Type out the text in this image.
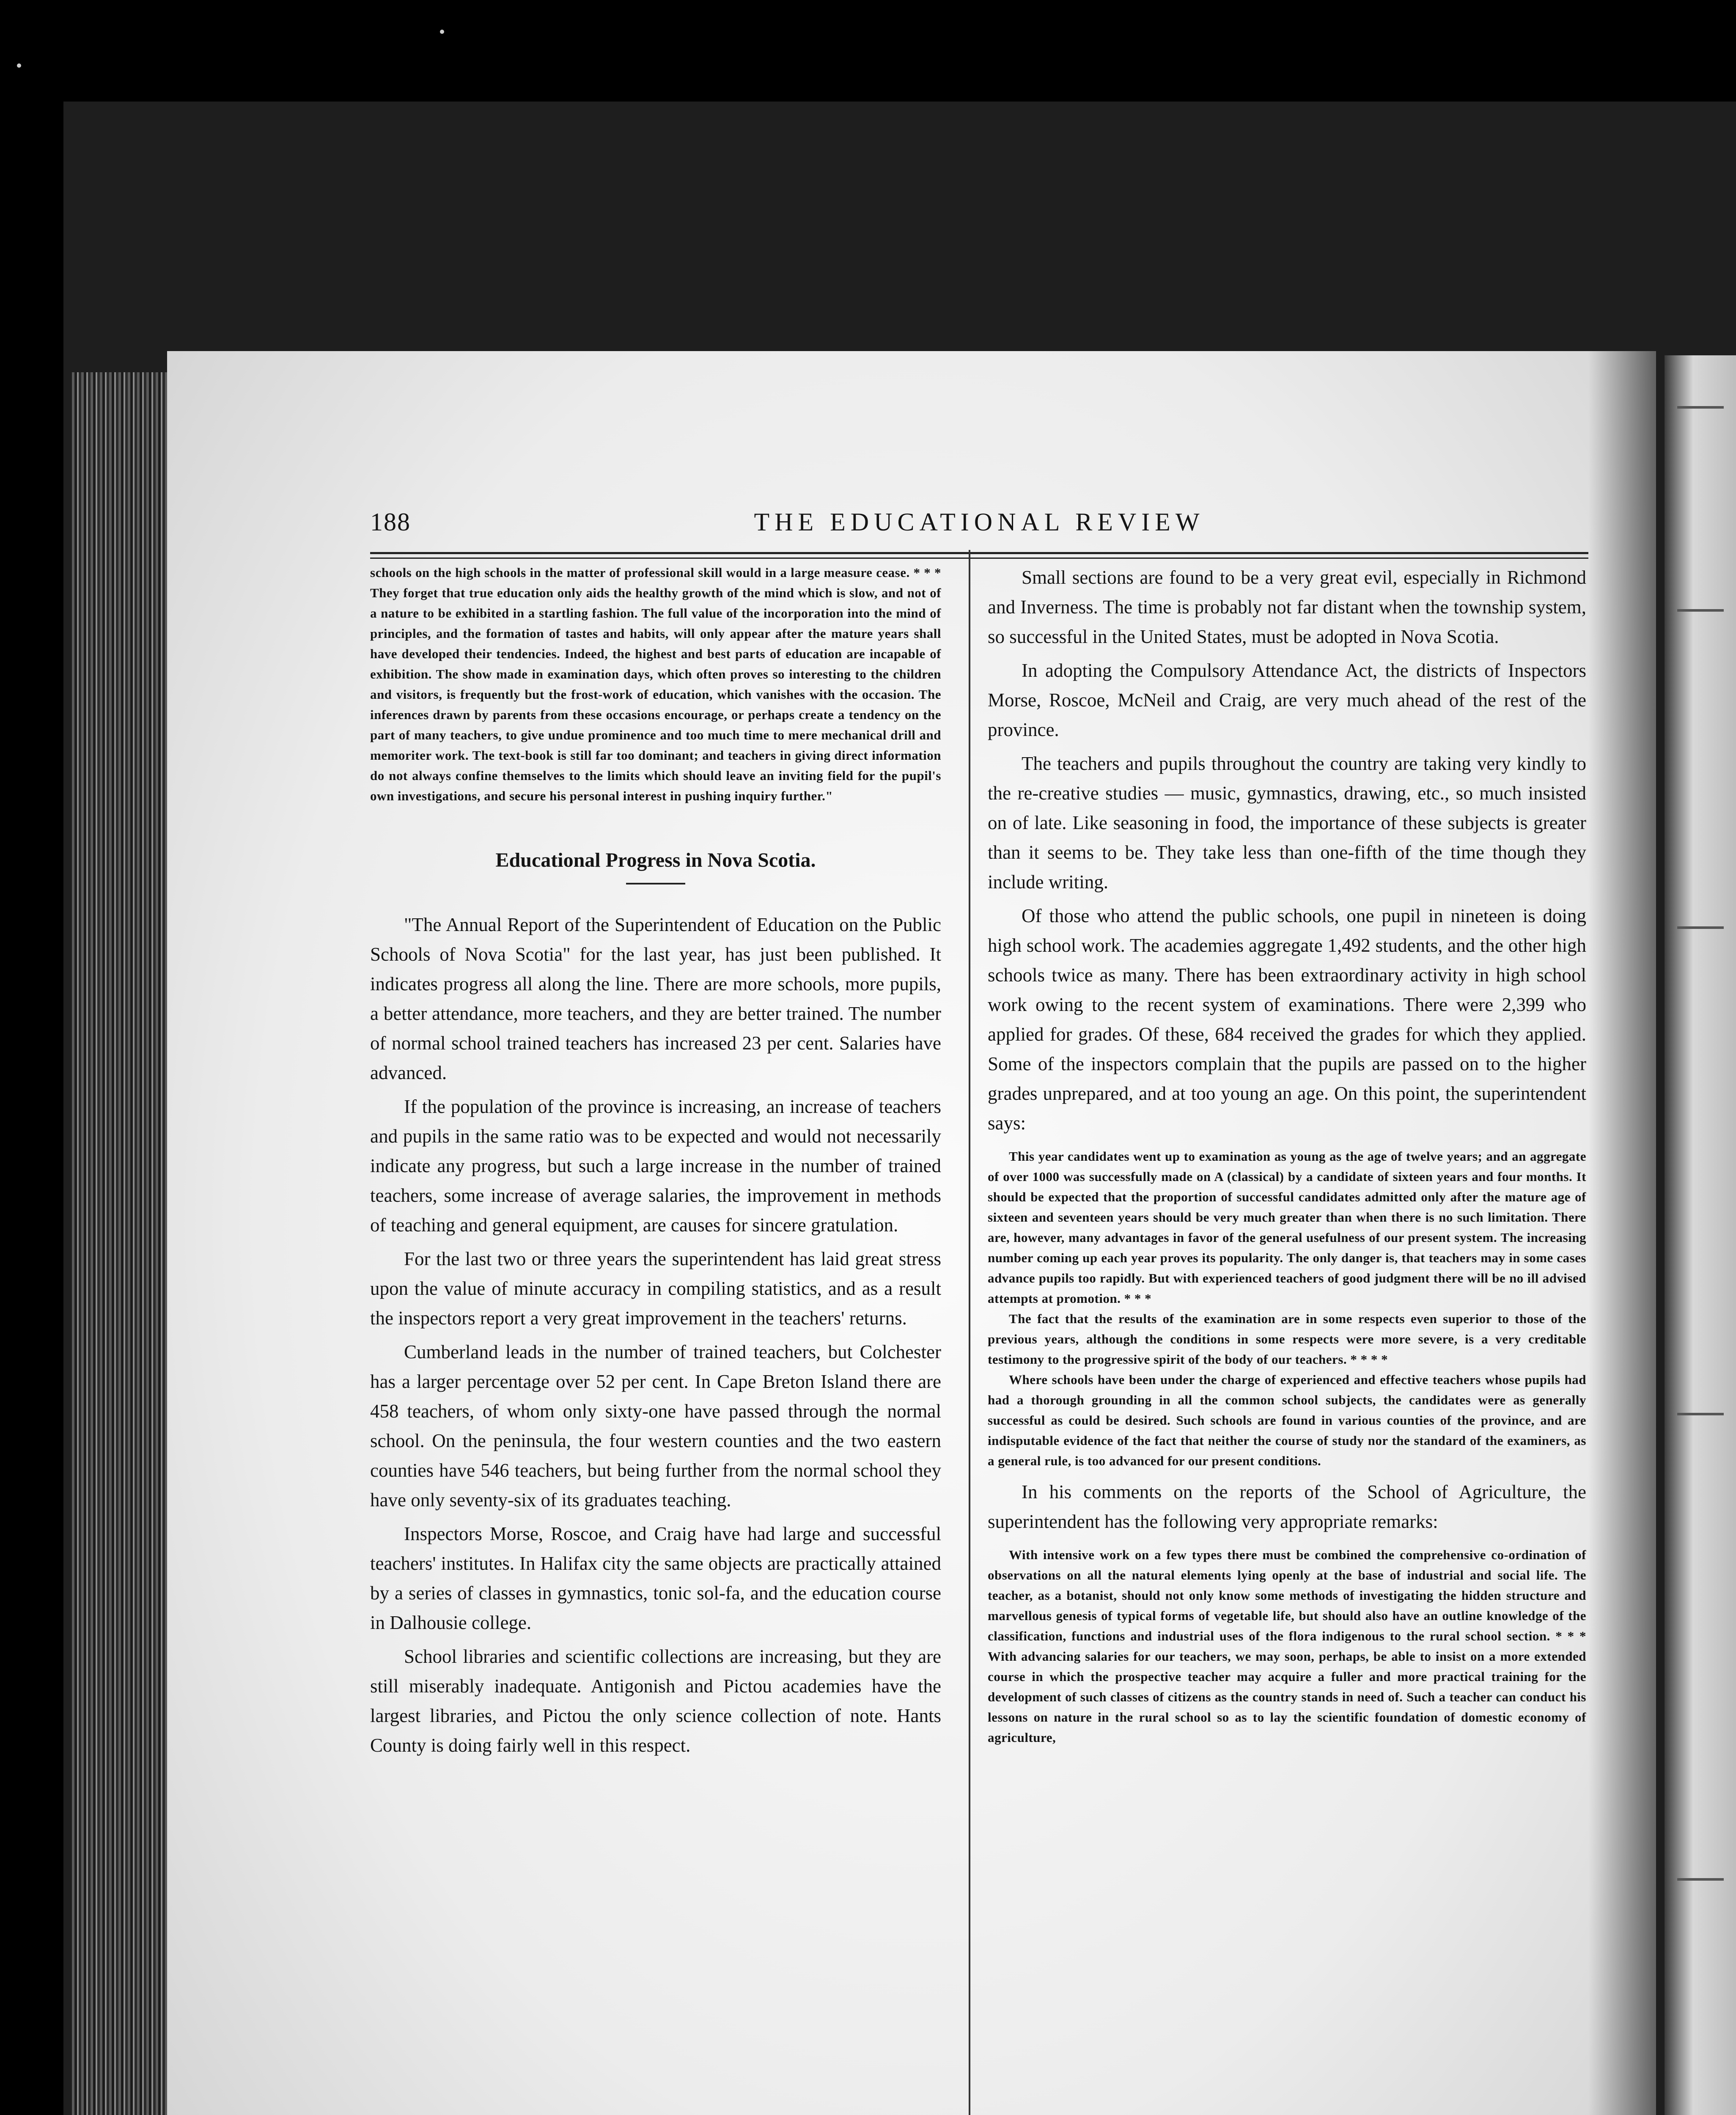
188	THE EDUCATIONAL REVIEW

schools on the high schools in the matter of professional skill would in a large measure cease. * * * They forget that true education only aids the healthy growth of the mind which is slow, and not of a nature to be exhibited in a startling fashion. The full value of the incorporation into the mind of principles, and the formation of tastes and habits, will only appear after the mature years shall have developed their tendencies. Indeed, the highest and best parts of education are incapable of exhibition. The show made in examination days, which often proves so interesting to the children and visitors, is frequently but the frost-work of education, which vanishes with the occasion. The inferences drawn by parents from these occasions encourage, or perhaps create a tendency on the part of many teachers, to give undue prominence and too much time to mere mechanical drill and memoriter work. The text-book is still far too dominant; and teachers in giving direct information do not always confine themselves to the limits which should leave an inviting field for the pupil's own investigations, and secure his personal interest in pushing inquiry further."

Educational Progress in Nova Scotia.

"The Annual Report of the Superintendent of Education on the Public Schools of Nova Scotia" for the last year, has just been published. It indicates progress all along the line. There are more schools, more pupils, a better attendance, more teachers, and they are better trained. The number of normal school trained teachers has increased 23 per cent. Salaries have advanced.

If the population of the province is increasing, an increase of teachers and pupils in the same ratio was to be expected and would not necessarily indicate any progress, but such a large increase in the number of trained teachers, some increase of average salaries, the improvement in methods of teaching and general equipment, are causes for sincere gratulation.

For the last two or three years the superintendent has laid great stress upon the value of minute accuracy in compiling statistics, and as a result the inspectors report a very great improvement in the teachers' returns.

Cumberland leads in the number of trained teachers, but Colchester has a larger percentage over 52 per cent. In Cape Breton Island there are 458 teachers, of whom only sixty-one have passed through the normal school. On the peninsula, the four western counties and the two eastern counties have 546 teachers, but being further from the normal school they have only seventy-six of its graduates teaching.

Inspectors Morse, Roscoe, and Craig have had large and successful teachers' institutes. In Halifax city the same objects are practically attained by a series of classes in gymnastics, tonic sol-fa, and the education course in Dalhousie college.

School libraries and scientific collections are increasing, but they are still miserably inadequate. Antigonish and Pictou academies have the largest libraries, and Pictou the only science collection of note. Hants County is doing fairly well in this respect.

Small sections are found to be a very great evil, especially in Richmond and Inverness. The time is probably not far distant when the township system, so successful in the United States, must be adopted in Nova Scotia.

In adopting the Compulsory Attendance Act, the districts of Inspectors Morse, Roscoe, McNeil and Craig, are very much ahead of the rest of the province.

The teachers and pupils throughout the country are taking very kindly to the re-creative studies — music, gymnastics, drawing, etc., so much insisted on of late. Like seasoning in food, the importance of these subjects is greater than it seems to be. They take less than one-fifth of the time though they include writing.

Of those who attend the public schools, one pupil in nineteen is doing high school work. The academies aggregate 1,492 students, and the other high schools twice as many. There has been extraordinary activity in high school work owing to the recent system of examinations. There were 2,399 who applied for grades. Of these, 684 received the grades for which they applied. Some of the inspectors complain that the pupils are passed on to the higher grades unprepared, and at too young an age. On this point, the superintendent says:

This year candidates went up to examination as young as the age of twelve years; and an aggregate of over 1000 was successfully made on A (classical) by a candidate of sixteen years and four months. It should be expected that the proportion of successful candidates admitted only after the mature age of sixteen and seventeen years should be very much greater than when there is no such limitation. There are, however, many advantages in favor of the general usefulness of our present system. The increasing number coming up each year proves its popularity. The only danger is, that teachers may in some cases advance pupils too rapidly. But with experienced teachers of good judgment there will be no ill advised attempts at promotion. * * *

The fact that the results of the examination are in some respects even superior to those of the previous years, although the conditions in some respects were more severe, is a very creditable testimony to the progressive spirit of the body of our teachers. * * * *

Where schools have been under the charge of experienced and effective teachers whose pupils had had a thorough grounding in all the common school subjects, the candidates were as generally successful as could be desired. Such schools are found in various counties of the province, and are indisputable evidence of the fact that neither the course of study nor the standard of the examiners, as a general rule, is too advanced for our present conditions.

In his comments on the reports of the School of Agriculture, the superintendent has the following very appropriate remarks:

With intensive work on a few types there must be combined the comprehensive co-ordination of observations on all the natural elements lying openly at the base of industrial and social life. The teacher, as a botanist, should not only know some methods of investigating the hidden structure and marvellous genesis of typical forms of vegetable life, but should also have an outline knowledge of the classification, functions and industrial uses of the flora indigenous to the rural school section. * * * With advancing salaries for our teachers, we may soon, perhaps, be able to insist on a more extended course in which the prospective teacher may acquire a fuller and more practical training for the development of such classes of citizens as the country stands in need of. Such a teacher can conduct his lessons on nature in the rural school so as to lay the scientific foundation of domestic economy of agriculture,
